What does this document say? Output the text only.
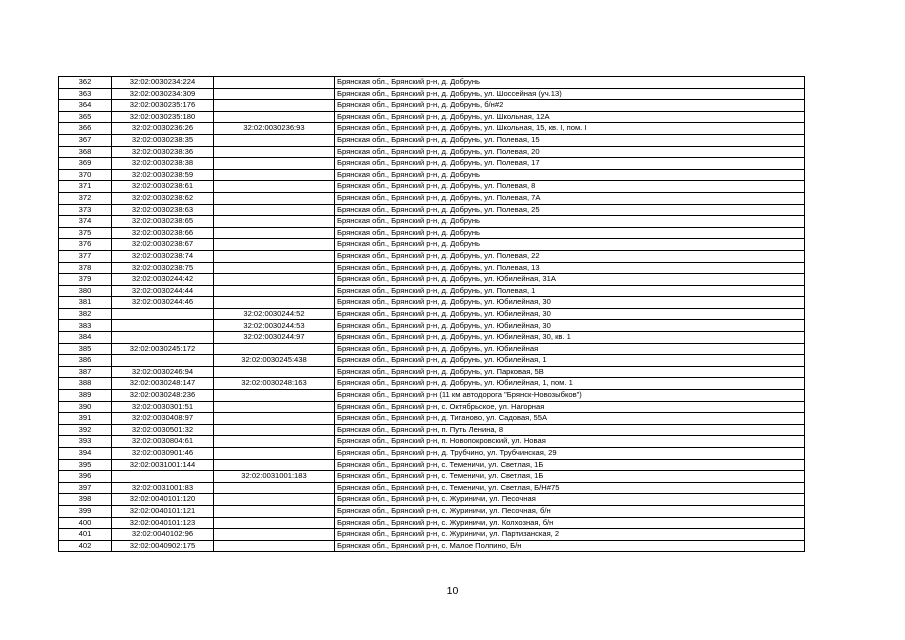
362	32:02:0030234:224		Брянская обл., Брянский р-н, д. Добрунь
363	32:02:0030234:309		Брянская обл., Брянский р-н, д. Добрунь, ул. Шоссейная (уч.13)
364	32:02:0030235:176		Брянская обл., Брянский р-н, д. Добрунь, б/н#2
365	32:02:0030235:180		Брянская обл., Брянский р-н, д. Добрунь, ул. Школьная, 12А
366	32:02:0030236:26	32:02:0030236:93	Брянская обл., Брянский р-н, д. Добрунь, ул. Школьная, 15, кв. I, пом. I
367	32:02:0030238:35		Брянская обл., Брянский р-н, д. Добрунь, ул. Полевая, 15
368	32:02:0030238:36		Брянская обл., Брянский р-н, д. Добрунь, ул. Полевая, 20
369	32:02:0030238:38		Брянская обл., Брянский р-н, д. Добрунь, ул. Полевая, 17
370	32:02:0030238:59		Брянская обл., Брянский р-н, д. Добрунь
371	32:02:0030238:61		Брянская обл., Брянский р-н, д. Добрунь, ул. Полевая, 8
372	32:02:0030238:62		Брянская обл., Брянский р-н, д. Добрунь, ул. Полевая, 7А
373	32:02:0030238:63		Брянская обл., Брянский р-н, д. Добрунь, ул. Полевая, 25
374	32:02:0030238:65		Брянская обл., Брянский р-н, д. Добрунь
375	32:02:0030238:66		Брянская обл., Брянский р-н, д. Добрунь
376	32:02:0030238:67		Брянская обл., Брянский р-н, д. Добрунь
377	32:02:0030238:74		Брянская обл., Брянский р-н, д. Добрунь, ул. Полевая, 22
378	32:02:0030238:75		Брянская обл., Брянский р-н, д. Добрунь, ул. Полевая, 13
379	32:02:0030244:42		Брянская обл., Брянский р-н, д. Добрунь, ул. Юбилейная, 31А
380	32:02:0030244:44		Брянская обл., Брянский р-н, д. Добрунь, ул. Полевая, 1
381	32:02:0030244:46		Брянская обл., Брянский р-н, д. Добрунь, ул. Юбилейная, 30
382		32:02:0030244:52	Брянская обл., Брянский р-н, д. Добрунь, ул. Юбилейная, 30
383		32:02:0030244:53	Брянская обл., Брянский р-н, д. Добрунь, ул. Юбилейная, 30
384		32:02:0030244:97	Брянская обл., Брянский р-н, д. Добрунь, ул. Юбилейная, 30, кв. 1
385	32:02:0030245:172		Брянская обл., Брянский р-н, д. Добрунь, ул. Юбилейная
386		32:02:0030245:438	Брянская обл., Брянский р-н, д. Добрунь, ул. Юбилейная, 1
387	32:02:0030246:94		Брянская обл., Брянский р-н, д. Добрунь, ул. Парковая, 5В
388	32:02:0030248:147	32:02:0030248:163	Брянская обл., Брянский р-н, д. Добрунь, ул. Юбилейная, 1, пом. 1
389	32:02:0030248:236		Брянская обл., Брянский р-н (11 км автодорога "Брянск-Новозыбков")
390	32:02:0030301:51		Брянская обл., Брянский р-н, с. Октябрьское, ул. Нагорная
391	32:02:0030408:97		Брянская обл., Брянский р-н, д. Тиганово, ул. Садовая, 55А
392	32:02:0030501:32		Брянская обл., Брянский р-н, п. Путь Ленина, 8
393	32:02:0030804:61		Брянская обл., Брянский р-н, п. Новопокровский, ул. Новая
394	32:02:0030901:46		Брянская обл., Брянский р-н, д. Трубчино, ул. Трубчинская, 29
395	32:02:0031001:144		Брянская обл., Брянский р-н, с. Теменичи, ул. Светлая, 1Б
396		32:02:0031001:183	Брянская обл., Брянский р-н, с. Теменичи, ул. Светлая, 1Б
397	32:02:0031001:83		Брянская обл., Брянский р-н, с. Теменичи, ул. Светлая, Б/Н#75
398	32:02:0040101:120		Брянская обл., Брянский р-н, с. Журиничи, ул. Песочная
399	32:02:0040101:121		Брянская обл., Брянский р-н, с. Журиничи, ул. Песочная, б/н
400	32:02:0040101:123		Брянская обл., Брянский р-н, с. Журиничи, ул. Колхозная, б/н
401	32:02:0040102:96		Брянская обл., Брянский р-н, с. Журиничи, ул. Партизанская, 2
402	32:02:0040902:175		Брянская обл., Брянский р-н, с. Малое Полпино, Б/н
10
